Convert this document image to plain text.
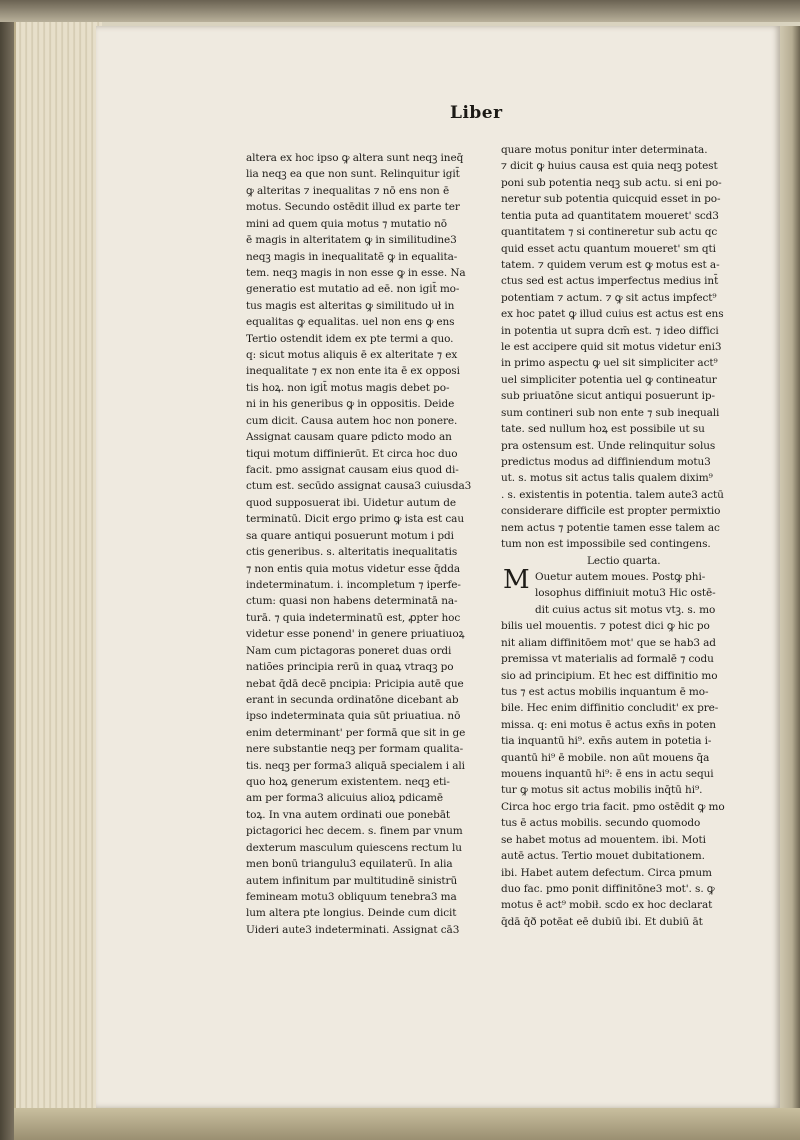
Liber
altera ex hoc ipso ꝙ altera sunt neqꝫ ineq̄
lia neqꝫ ea que non sunt. Relinquitur igit̄
ꝙ alteritas ⁊ inequalitas ⁊ nō ens non ē
motus. Secundo ostēdit illud ex parte ter
mini ad quem quia motus ⁊ mutatio nō
ē magis in alteritatem ꝙ in similitudine3
neqꝫ magis in inequalitatē ꝙ in equalita-
tem. neqꝫ magis in non esse ꝙ in esse. Na
generatio est mutatio ad eē. non igit̄ mo-
tus magis est alteritas ꝙ similitudo uł in
equalitas ꝙ equalitas. uel non ens ꝙ ens
Tertio ostendit idem ex pte termi a quo.
q: sicut motus aliquis ē ex alteritate ⁊ ex
inequalitate ⁊ ex non ente ita ē ex opposi
tis hoꝝ. non igit̄ motus magis debet po-
ni in his generibus ꝙ in oppositis. Deide
cum dicit. Causa autem hoc non ponere.
Assignat causam quare pdicto modo an
tiqui motum diffinierūt. Et circa hoc duo
facit. pmo assignat causam eius quod di-
ctum est. secūdo assignat causa3 cuiusda3
quod supposuerat ibi. Uidetur autum de
terminatū. Dicit ergo primo ꝙ ista est cau
sa quare antiqui posuerunt motum i pdi
ctis generibus. s. alteritatis inequalitatis
⁊ non entis quia motus videtur esse q̄dda
indeterminatum. i. incompletum ⁊ iperfe-
ctum: quasi non habens determinatā na-
turā. ⁊ quia indeterminatū est, ꝓpter hoc
videtur esse ponend' in genere priuatiuoꝝ
Nam cum pictagoras poneret duas ordi
natiões principia rerū in quaꝝ vtraqꝫ po
nebat q̄dā decē pncipia: Pricipia autē que
erant in secunda ordinatōne dicebant ab
ipso indeterminata quia sūt priuatiua. nō
enim determinant' per formā que sit in ge
nere substantie neqꝫ per formam qualita-
tis. neqꝫ per forma3 aliquā specialem i ali
quo hoꝝ generum existentem. neqꝫ eti-
am per forma3 alicuius alioꝝ pdicamē
toꝝ. In vna autem ordinati oue ponebāt
pictagorici hec decem. s. finem par vnum
dexterum masculum quiescens rectum lu
men bonū triangulu3 equilaterū. In alia
autem infinitum par multitudinē sinistrū
femineam motu3 obliquum tenebra3 ma
lum altera pte longius. Deinde cum dicit
Uideri aute3 indeterminati. Assignat cā3
quare motus ponitur inter determinata.
⁊ dicit ꝙ huius causa est quia neqꝫ potest
poni sub potentia neqꝫ sub actu. si eni po-
neretur sub potentia quicquid esset in po-
tentia puta ad quantitatem moueret' scd3
quantitatem ⁊ si contineretur sub actu qc
quid esset actu quantum moueret' sm qti
tatem. ⁊ quidem verum est ꝙ motus est a-
ctus sed est actus imperfectus medius int̄
potentiam ⁊ actum. ⁊ ꝙ sit actus impfect⁹
ex hoc patet ꝙ illud cuius est actus est ens
in potentia ut supra dcm̄ est. ⁊ ideo diffici
le est accipere quid sit motus videtur eni3
in primo aspectu ꝙ uel sit simpliciter act⁹
uel simpliciter potentia uel ꝙ contineatur
sub priuatōne sicut antiqui posuerunt ip-
sum contineri sub non ente ⁊ sub inequali
tate. sed nullum hoꝝ est possibile ut su
pra ostensum est. Unde relinquitur solus
predictus modus ad diffiniendum motu3
ut. s. motus sit actus talis qualem dixim⁹
. s. existentis in potentia. talem aute3 actū
considerare difficile est propter permixtio
nem actus ⁊ potentie tamen esse talem ac
tum non est impossibile sed contingens.
Lectio quarta.
Ouetur autem moues. Postꝙ phi-
losophus diffiniuit motu3 Hic ostē-
dit cuius actus sit motus vtꝫ. s. mo
bilis uel mouentis. ⁊ potest dici ꝙ hic po
nit aliam diffinitōem mot' que se hab3 ad
premissa vt materialis ad formalē ⁊ codu
sio ad principium. Et hec est diffinitio mo
tus ⁊ est actus mobilis inquantum ē mo-
bile. Hec enim diffinitio concludit' ex pre-
missa. q: eni motus ē actus exn̄s in poten
tia inquantū hi⁹. exn̄s autem in potetia i-
quantū hi⁹ ē mobile. non aūt mouens q̄a
mouens inquantū hi⁹: ē ens in actu sequi
tur ꝙ motus sit actus mobilis inq̄tū hi⁹.
Circa hoc ergo tria facit. pmo ostēdit ꝙ mo
tus ē actus mobilis. secundo quomodo
se habet motus ad mouentem. ibi. Moti
autē actus. Tertio mouet dubitationem.
ibi. Habet autem defectum. Circa pmum
duo fac. pmo ponit diffinitōne3 mot'. s. ꝙ
motus ē act⁹ mobił. scdo ex hoc declarat
q̄dā q̄ð potēat eē dubiū ibi. Et dubiū āt
M
